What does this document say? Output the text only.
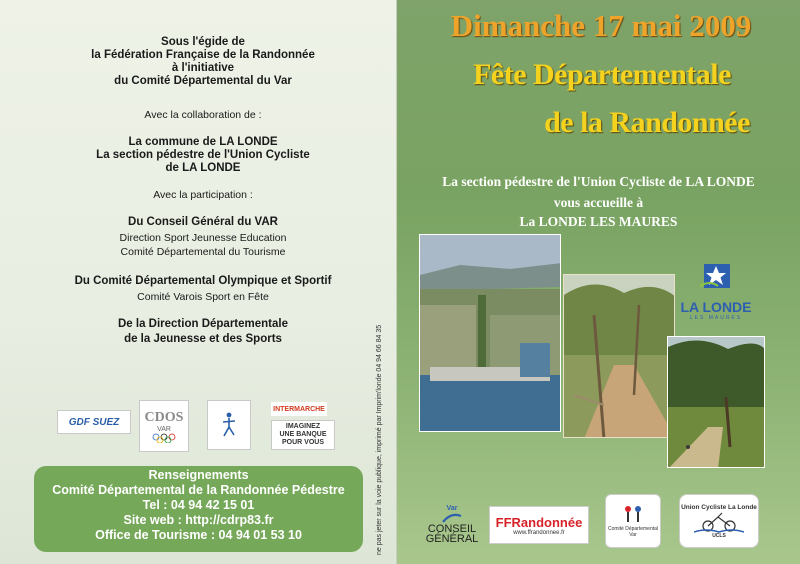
Sous l'égide de
la Fédération Française de la Randonnée
à l'initiative
du Comité Départemental du Var
Avec la collaboration de :
La commune de LA LONDE
La section pédestre de l'Union Cycliste
de LA LONDE
Avec la participation :
Du Conseil Général du VAR
Direction Sport Jeunesse Education
Comité Départemental du Tourisme
Du Comité Départemental Olympique et Sportif
Comité Varois Sport en Fête
De la Direction Départementale
de la Jeunesse et des Sports
GDF SUEZ	CDOS
VAR
INTERMARCHE
IMAGINEZ
UNE BANQUE
POUR VOUS
Renseignements
Comité Départemental de la Randonnée Pédestre
Tel : 04 94 42 15 01
Site web : http://cdrp83.fr
Office de Tourisme : 04 94 01 53 10	ne pas jeter sur la voie publique, imprimé par Imprim'londe 04 94 66 84 35
Dimanche 17 mai 2009
Fête Départementale
de la Randonnée
La section pédestre de l'Union Cycliste de LA LONDE
vous accueille à
La LONDE LES MAURES
LA LONDE
LES MAURES
Var
CONSEIL
GÉNÉRAL
FFRandonnée
www.ffrandonnee.fr
Comité Départemental Var
Union Cycliste La Londe
UCLS
